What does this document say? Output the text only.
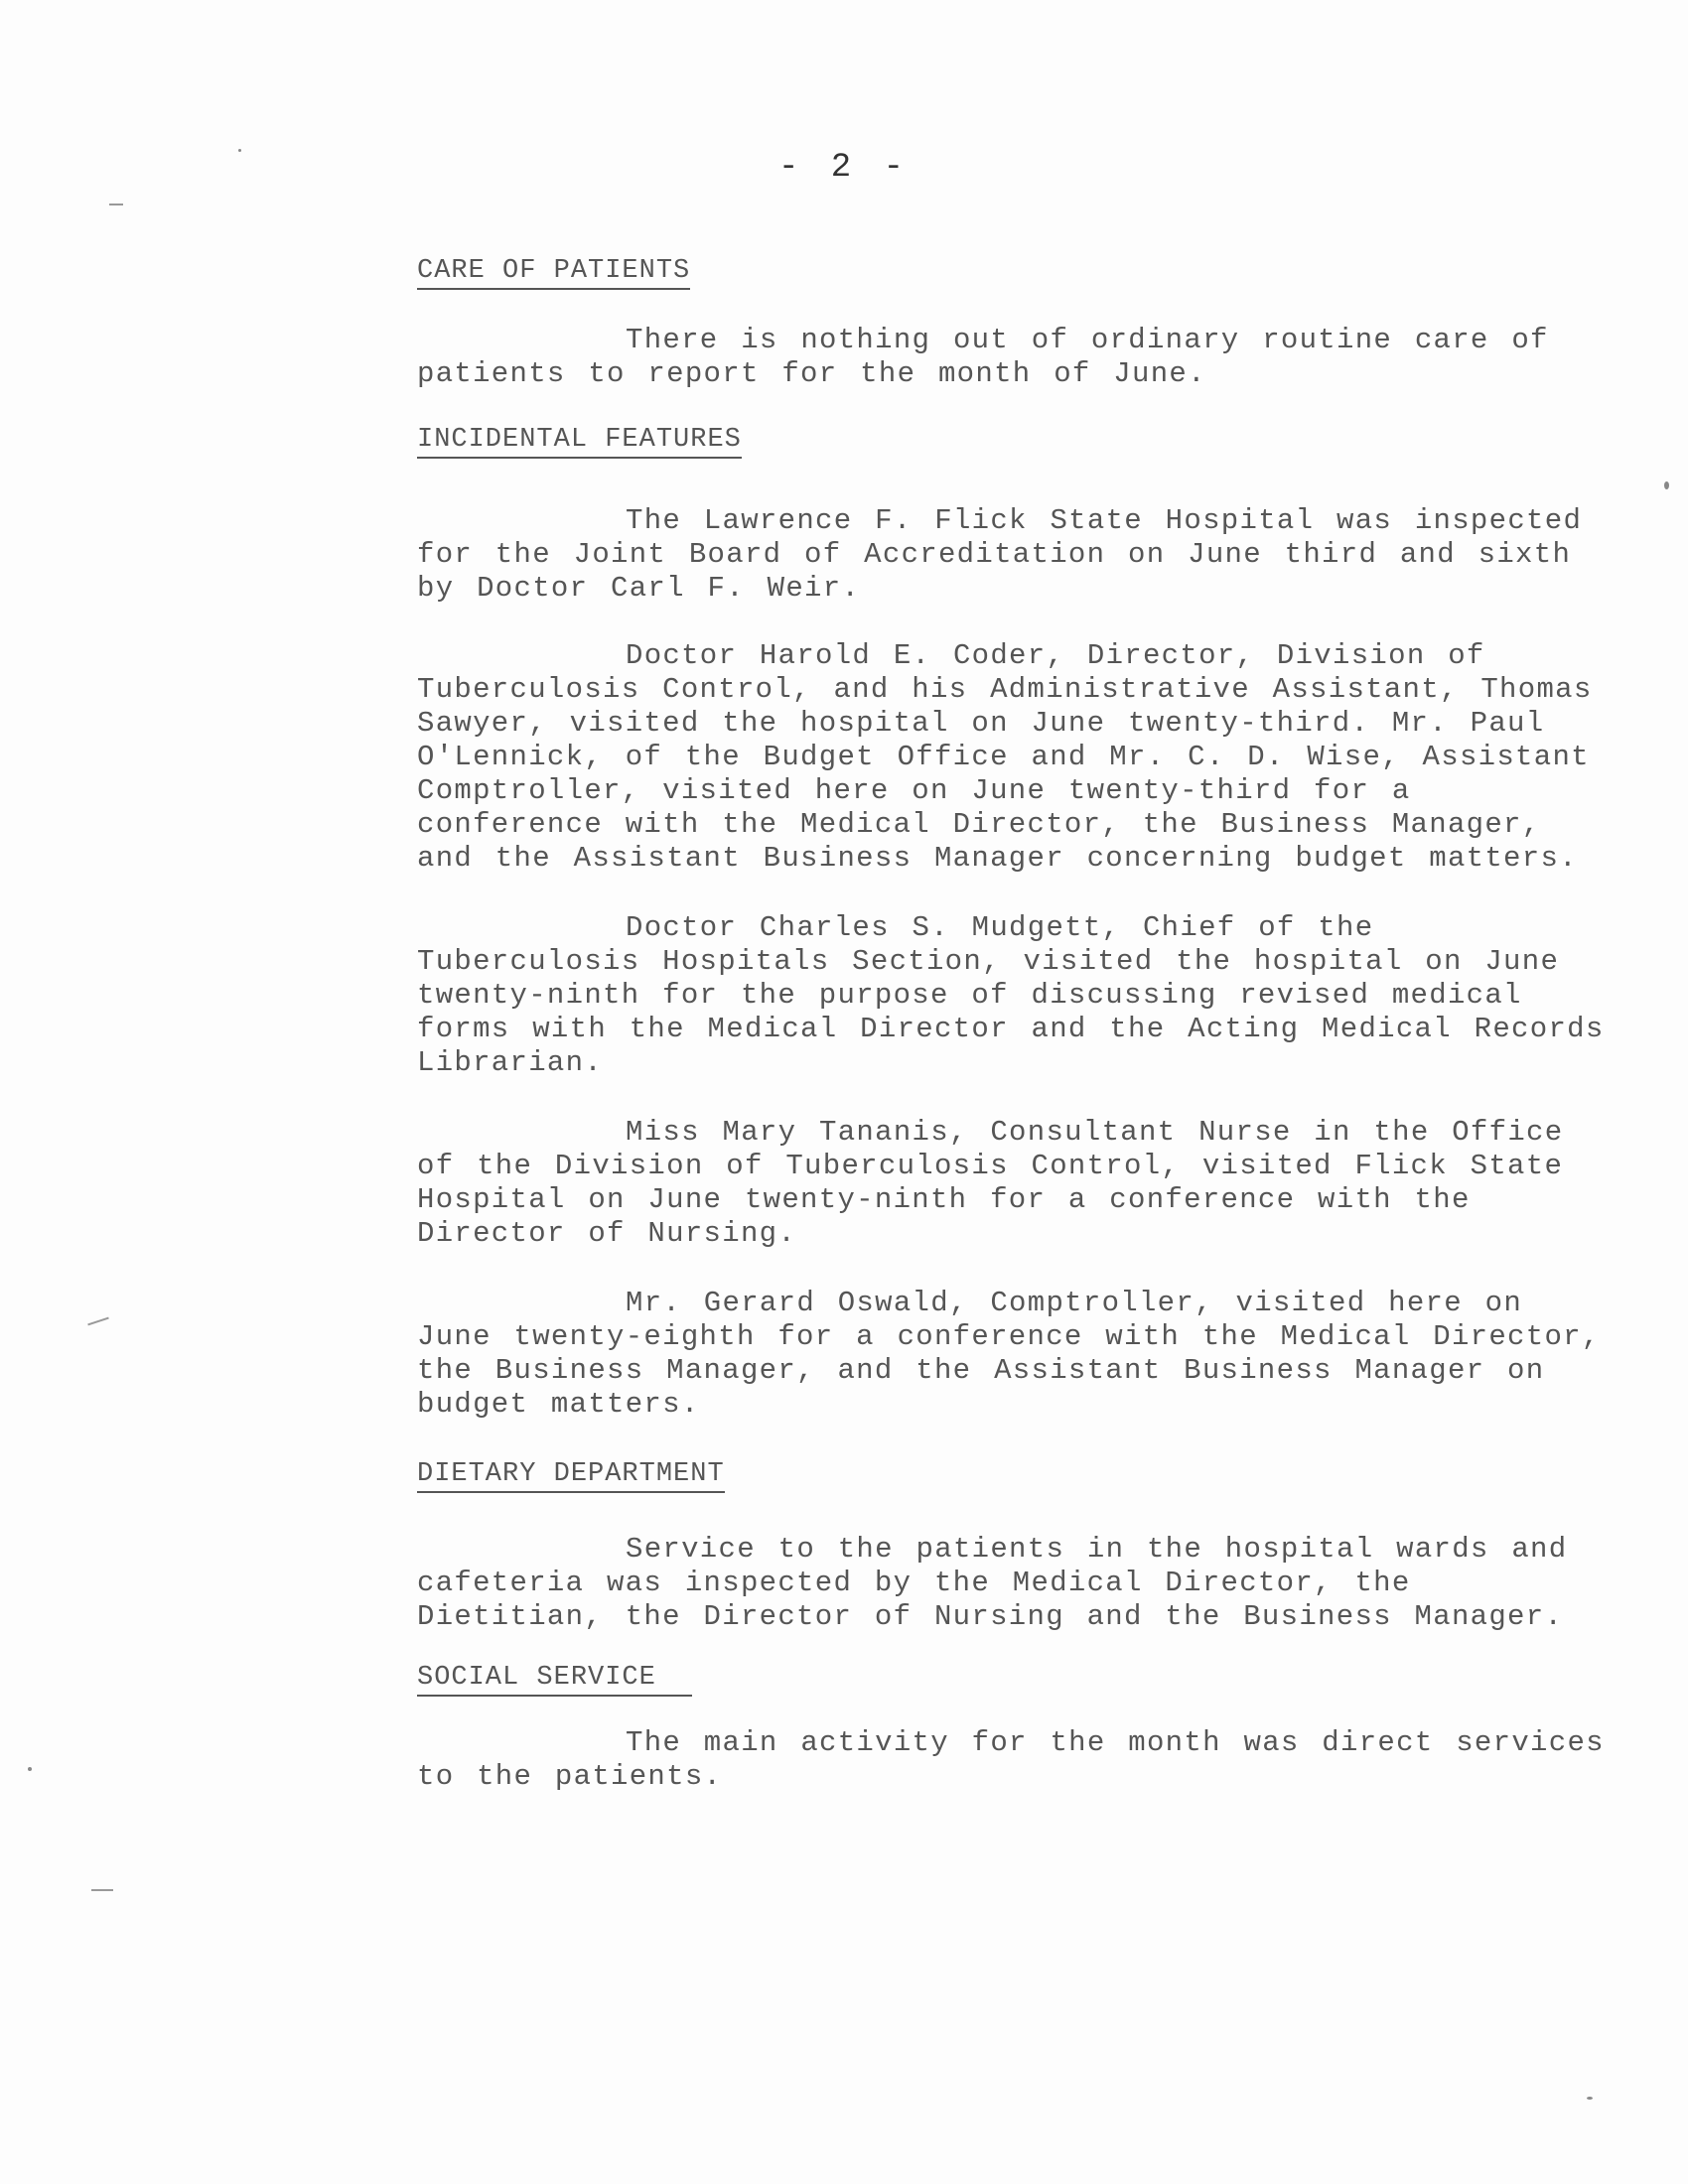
- 2 -
CARE OF PATIENTS

There is nothing out of ordinary routine care of patients to report for the month of June.

INCIDENTAL FEATURES

The Lawrence F. Flick State Hospital was inspected for the Joint Board of Accreditation on June third and sixth by Doctor Carl F. Weir.

Doctor Harold E. Coder, Director, Division of Tuberculosis Control, and his Administrative Assistant, Thomas Sawyer, visited the hospital on June twenty-third. Mr. Paul O'Lennick, of the Budget Office and Mr. C. D. Wise, Assistant Comptroller, visited here on June twenty-third for a conference with the Medical Director, the Business Manager, and the Assistant Business Manager concerning budget matters.

Doctor Charles S. Mudgett, Chief of the Tuberculosis Hospitals Section, visited the hospital on June twenty-ninth for the purpose of discussing revised medical forms with the Medical Director and the Acting Medical Records Librarian.

Miss Mary Tananis, Consultant Nurse in the Office of the Division of Tuberculosis Control, visited Flick State Hospital on June twenty-ninth for a conference with the Director of Nursing.

Mr. Gerard Oswald, Comptroller, visited here on June twenty-eighth for a conference with the Medical Director, the Business Manager, and the Assistant Business Manager on budget matters.

DIETARY DEPARTMENT

Service to the patients in the hospital wards and cafeteria was inspected by the Medical Director, the Dietitian, the Director of Nursing and the Business Manager.

SOCIAL SERVICE

The main activity for the month was direct services to the patients.
